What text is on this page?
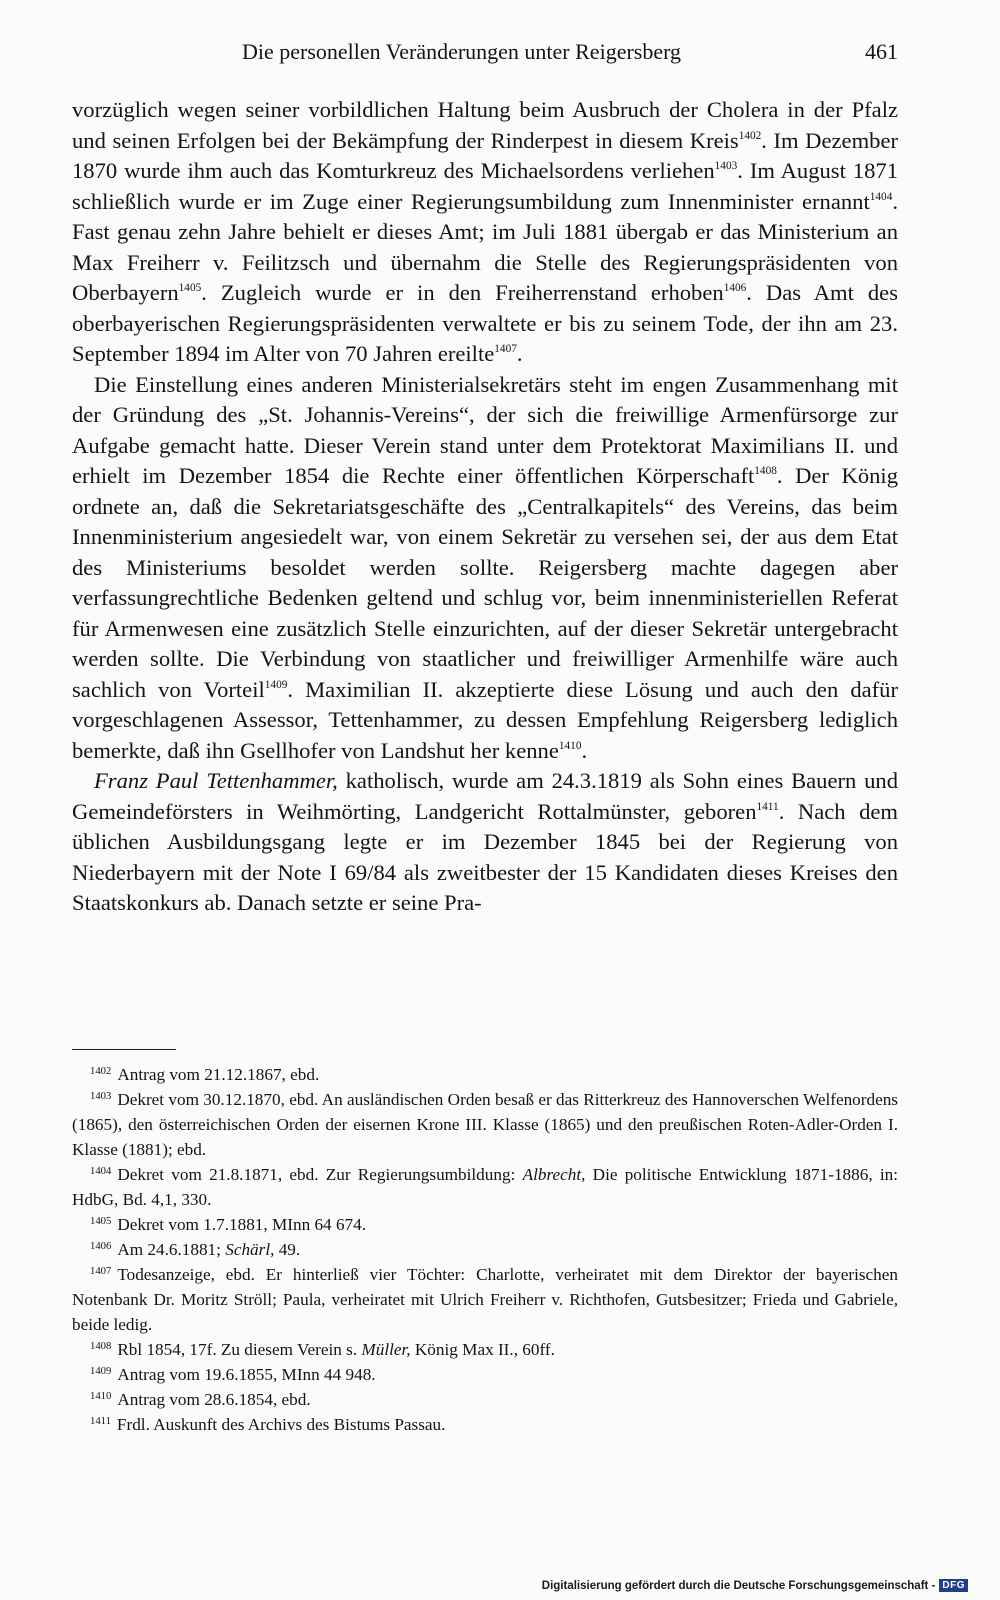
Die personellen Veränderungen unter Reigersberg	461

vorzüglich wegen seiner vorbildlichen Haltung beim Ausbruch der Cholera in der Pfalz und seinen Erfolgen bei der Bekämpfung der Rinderpest in diesem Kreis$^{1402}$. Im Dezember 1870 wurde ihm auch das Komturkreuz des Michaelsordens verliehen$^{1403}$. Im August 1871 schließlich wurde er im Zuge einer Regierungsumbildung zum Innenminister ernannt$^{1404}$. Fast genau zehn Jahre behielt er dieses Amt; im Juli 1881 übergab er das Ministerium an Max Freiherr v. Feilitzsch und übernahm die Stelle des Regierungspräsidenten von Oberbayern$^{1405}$. Zugleich wurde er in den Freiherrenstand erhoben$^{1406}$. Das Amt des oberbayerischen Regierungspräsidenten verwaltete er bis zu seinem Tode, der ihn am 23. September 1894 im Alter von 70 Jahren ereilte$^{1407}$.

Die Einstellung eines anderen Ministerialsekretärs steht im engen Zusammenhang mit der Gründung des „St. Johannis-Vereins“, der sich die freiwillige Armenfürsorge zur Aufgabe gemacht hatte. Dieser Verein stand unter dem Protektorat Maximilians II. und erhielt im Dezember 1854 die Rechte einer öffentlichen Körperschaft$^{1408}$. Der König ordnete an, daß die Sekretariatsgeschäfte des „Centralkapitels“ des Vereins, das beim Innenministerium angesiedelt war, von einem Sekretär zu versehen sei, der aus dem Etat des Ministeriums besoldet werden sollte. Reigersberg machte dagegen aber verfassungrechtliche Bedenken geltend und schlug vor, beim innenministeriellen Referat für Armenwesen eine zusätzlich Stelle einzurichten, auf der dieser Sekretär untergebracht werden sollte. Die Verbindung von staatlicher und freiwilliger Armenhilfe wäre auch sachlich von Vorteil$^{1409}$. Maximilian II. akzeptierte diese Lösung und auch den dafür vorgeschlagenen Assessor, Tettenhammer, zu dessen Empfehlung Reigersberg lediglich bemerkte, daß ihn Gsellhofer von Landshut her kenne$^{1410}$.

Franz Paul Tettenhammer, katholisch, wurde am 24.3.1819 als Sohn eines Bauern und Gemeindeförsters in Weihmörting, Landgericht Rottalmünster, geboren$^{1411}$. Nach dem üblichen Ausbildungsgang legte er im Dezember 1845 bei der Regierung von Niederbayern mit der Note I 69/84 als zweitbester der 15 Kandidaten dieses Kreises den Staatskonkurs ab. Danach setzte er seine Pra-

$^{1402}$ Antrag vom 21.12.1867, ebd.
$^{1403}$ Dekret vom 30.12.1870, ebd. An ausländischen Orden besaß er das Ritterkreuz des Hannoverschen Welfenordens (1865), den österreichischen Orden der eisernen Krone III. Klasse (1865) und den preußischen Roten-Adler-Orden I. Klasse (1881); ebd.
$^{1404}$ Dekret vom 21.8.1871, ebd. Zur Regierungsumbildung: Albrecht, Die politische Entwicklung 1871-1886, in: HdbG, Bd. 4,1, 330.
$^{1405}$ Dekret vom 1.7.1881, MInn 64 674.
$^{1406}$ Am 24.6.1881; Schärl, 49.
$^{1407}$ Todesanzeige, ebd. Er hinterließ vier Töchter: Charlotte, verheiratet mit dem Direktor der bayerischen Notenbank Dr. Moritz Ströll; Paula, verheiratet mit Ulrich Freiherr v. Richthofen, Gutsbesitzer; Frieda und Gabriele, beide ledig.
$^{1408}$ Rbl 1854, 17f. Zu diesem Verein s. Müller, König Max II., 60ff.
$^{1409}$ Antrag vom 19.6.1855, MInn 44 948.
$^{1410}$ Antrag vom 28.6.1854, ebd.
$^{1411}$ Frdl. Auskunft des Archivs des Bistums Passau.
Digitalisierung gefördert durch die Deutsche Forschungsgemeinschaft - DFG
